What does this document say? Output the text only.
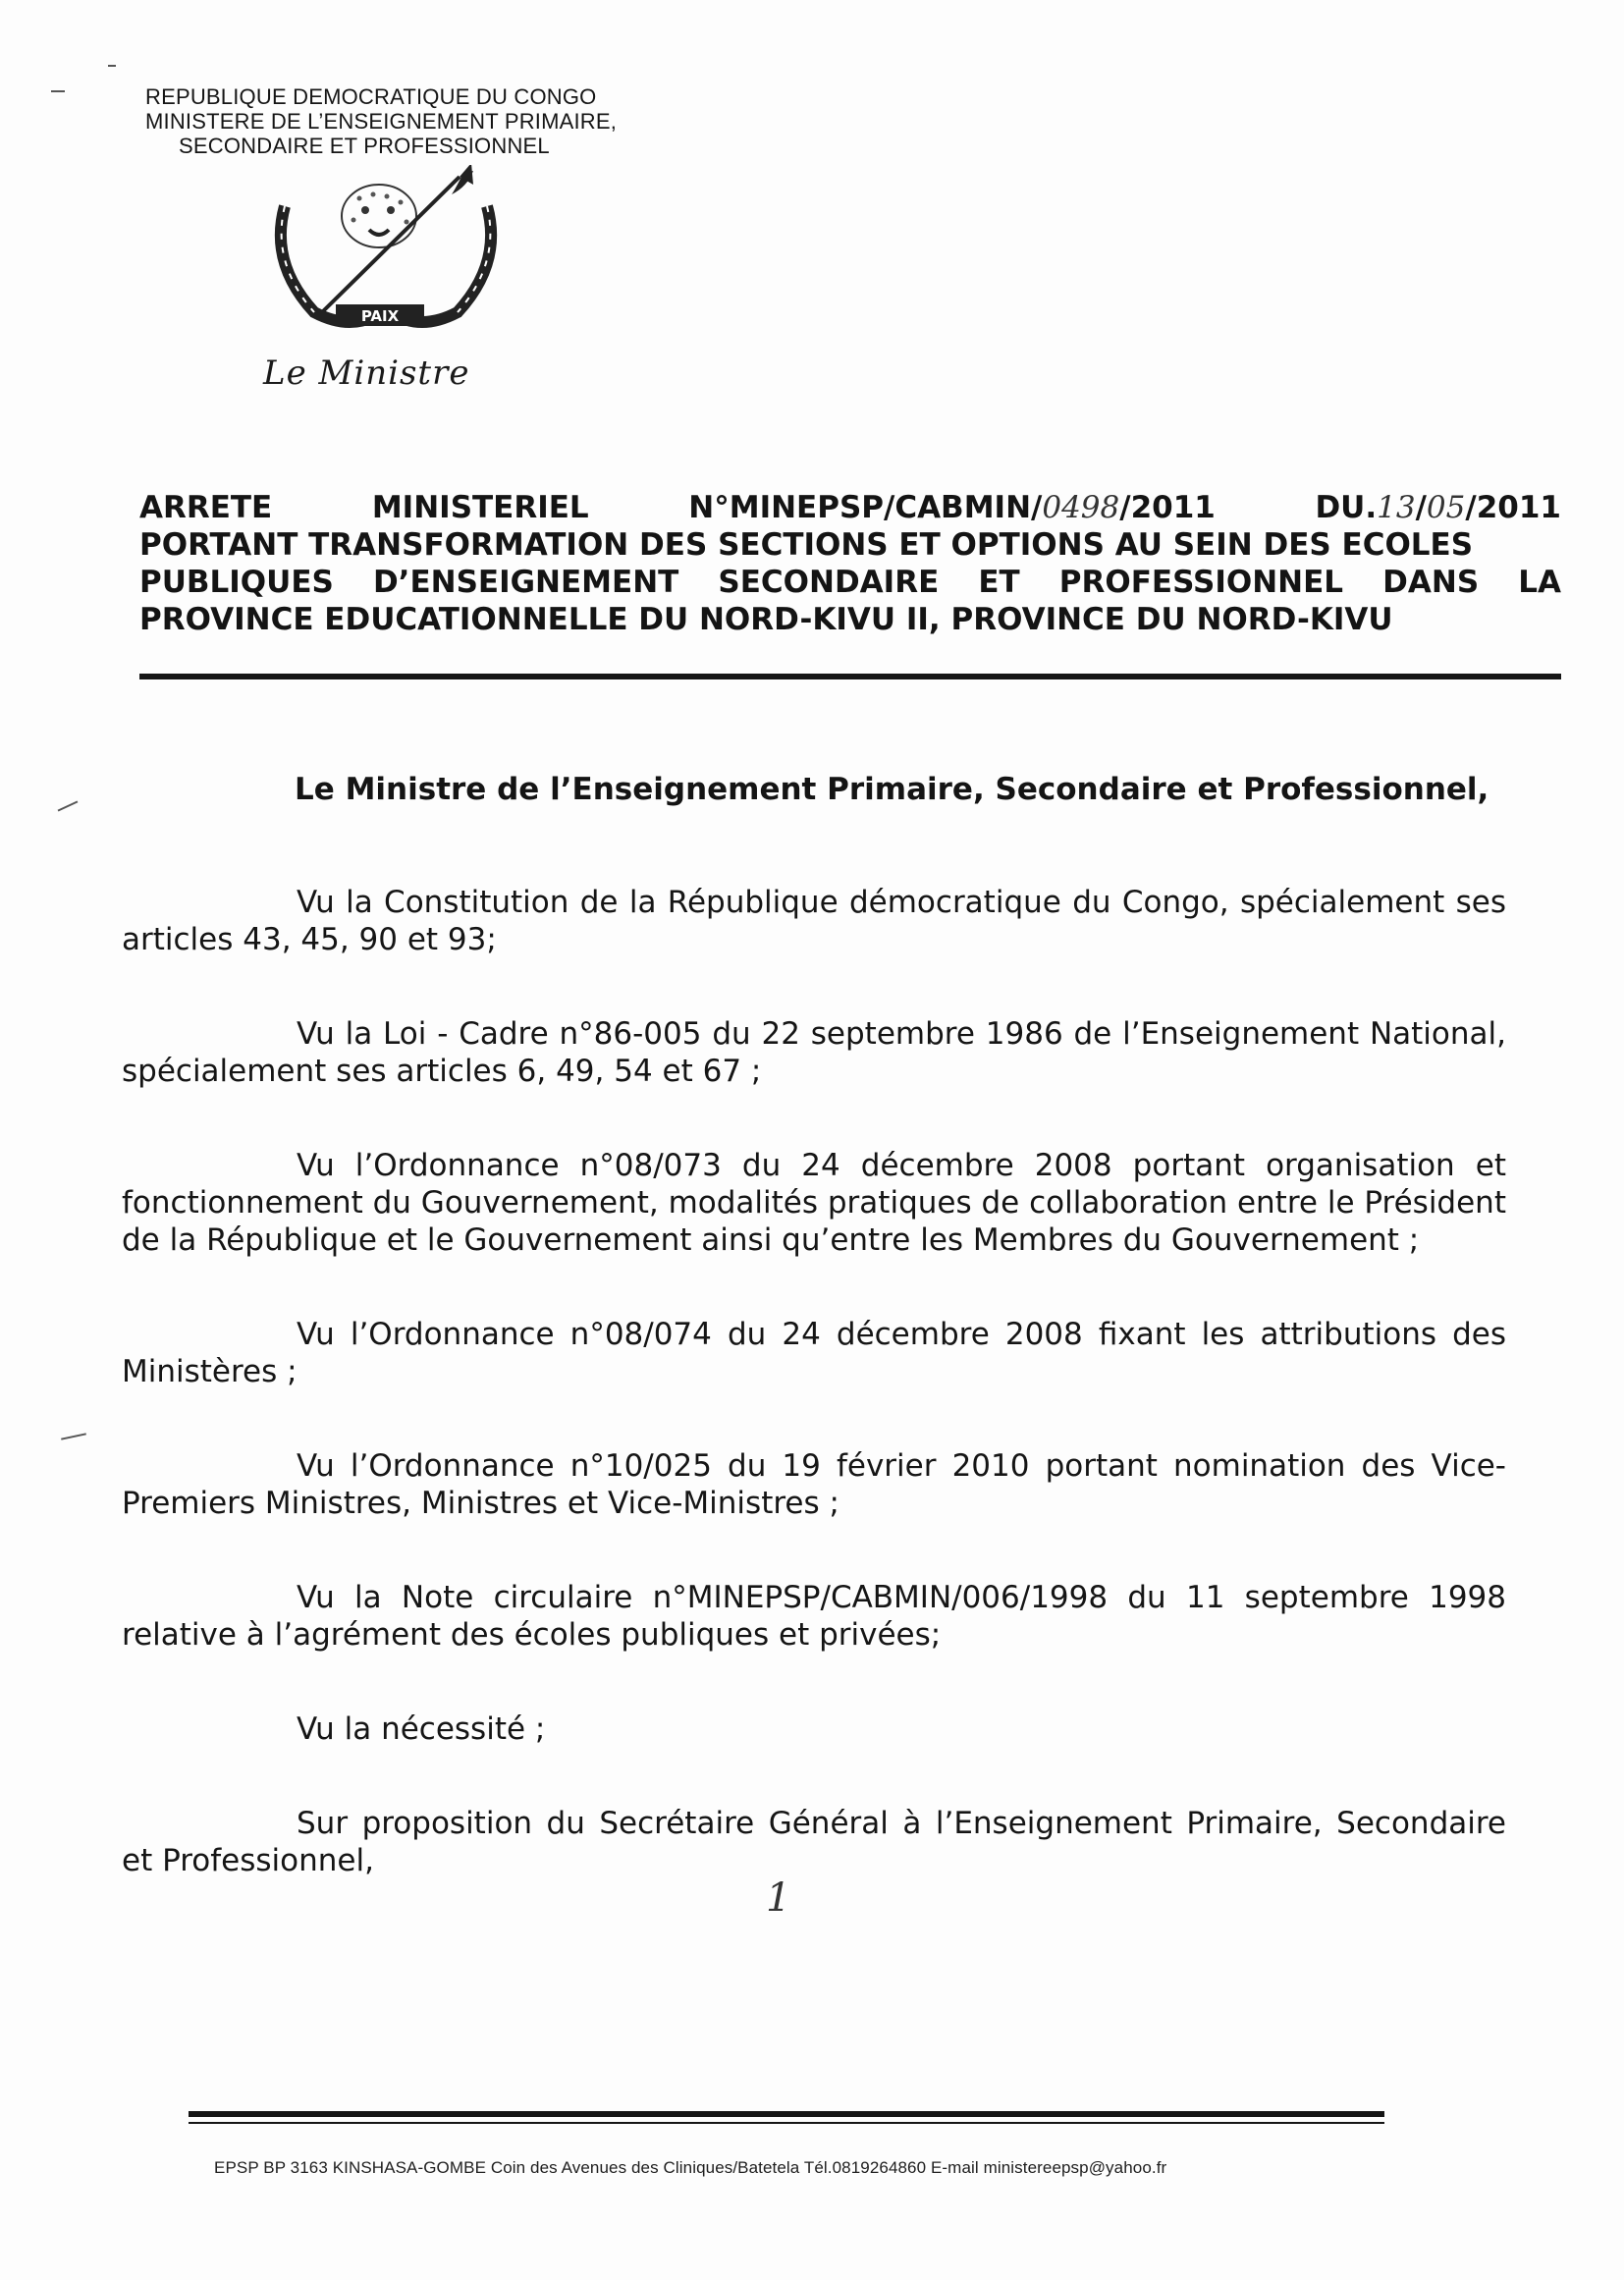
REPUBLIQUE DEMOCRATIQUE DU CONGO
MINISTERE DE L’ENSEIGNEMENT PRIMAIRE,
SECONDAIRE ET PROFESSIONNEL
PAIX
Le Ministre
ARRETE	MINISTERIEL	N°MINEPSP/CABMIN/0498/2011	DU.13/05/2011
PORTANT TRANSFORMATION DES SECTIONS ET OPTIONS AU SEIN DES ECOLES
PUBLIQUES D’ENSEIGNEMENT SECONDAIRE ET PROFESSIONNEL DANS LA
PROVINCE EDUCATIONNELLE DU NORD-KIVU II, PROVINCE DU NORD-KIVU
Le Ministre de l’Enseignement Primaire, Secondaire et Professionnel,

Vu la Constitution de la République démocratique du Congo, spécialement ses articles 43, 45, 90 et 93;

Vu la Loi - Cadre n°86-005 du 22 septembre 1986 de l’Enseignement National, spécialement ses articles 6, 49, 54 et 67 ;

Vu l’Ordonnance n°08/073 du 24 décembre 2008 portant organisation et fonctionnement du Gouvernement, modalités pratiques de collaboration entre le Président de la République et le Gouvernement ainsi qu’entre les Membres du Gouvernement ;

Vu l’Ordonnance n°08/074 du 24 décembre 2008 fixant les attributions des Ministères ;

Vu l’Ordonnance n°10/025 du 19 février 2010 portant nomination des Vice-Premiers Ministres, Ministres et Vice-Ministres ;

Vu la Note circulaire n°MINEPSP/CABMIN/006/1998 du 11 septembre 1998 relative à l’agrément des écoles publiques et privées;

Vu la nécessité ;

Sur proposition du Secrétaire Général à l’Enseignement Primaire, Secondaire et Professionnel,

1
EPSP BP 3163 KINSHASA-GOMBE Coin des Avenues des Cliniques/Batetela Tél.0819264860 E-mail ministereepsp@yahoo.fr
